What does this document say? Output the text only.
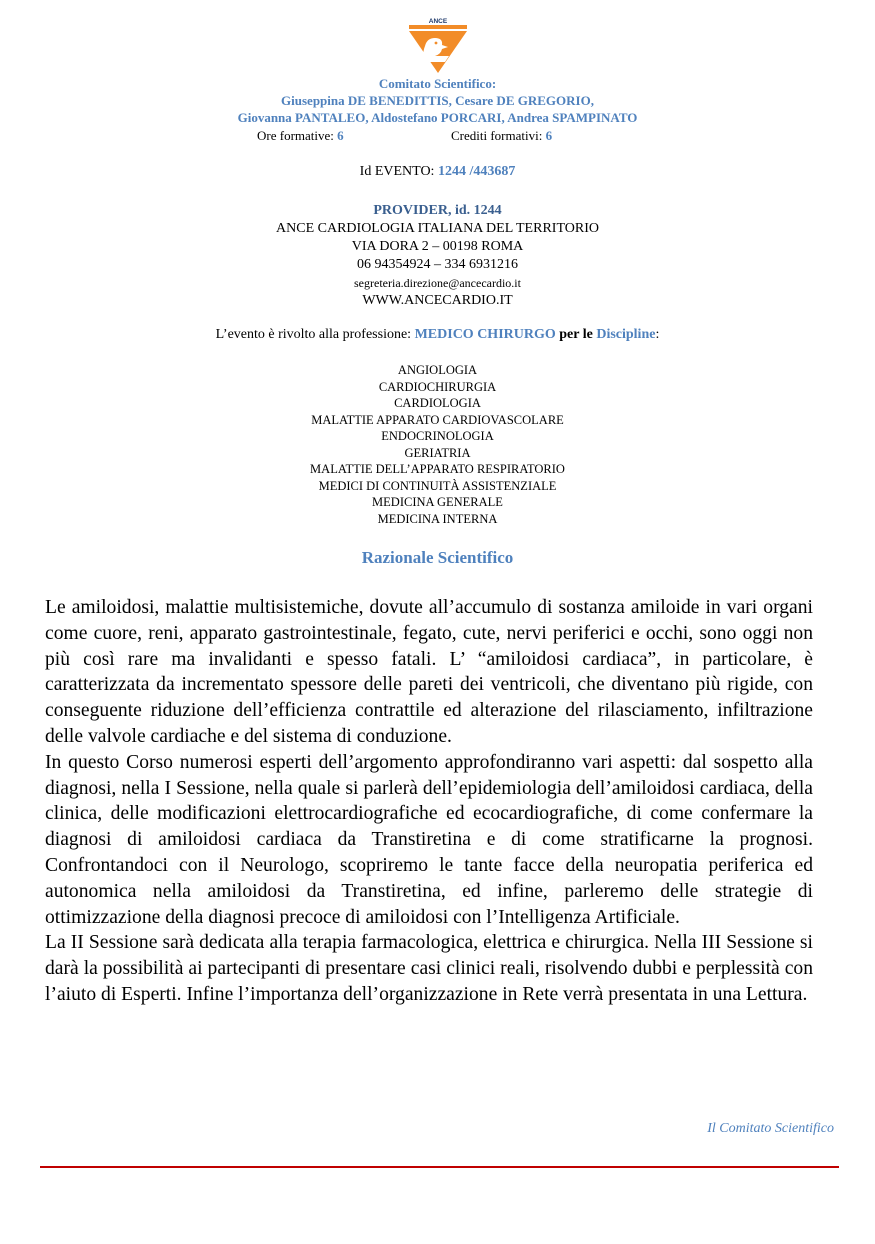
ANCE
Comitato Scientifico:
Giuseppina DE BENEDITTIS, Cesare DE GREGORIO,
Giovanna PANTALEO, Aldostefano PORCARI, Andrea SPAMPINATO
Ore formative: 6	Crediti formativi: 6
Id EVENTO: 1244 /443687
PROVIDER, id. 1244
ANCE CARDIOLOGIA ITALIANA DEL TERRITORIO
VIA DORA 2 – 00198 ROMA
06 94354924 – 334 6931216
segreteria.direzione@ancecardio.it
WWW.ANCECARDIO.IT
L’evento è rivolto alla professione: MEDICO CHIRURGO per le Discipline:
ANGIOLOGIA
CARDIOCHIRURGIA
CARDIOLOGIA
MALATTIE APPARATO CARDIOVASCOLARE
ENDOCRINOLOGIA
GERIATRIA
MALATTIE DELL’APPARATO RESPIRATORIO
MEDICI DI CONTINUITÀ ASSISTENZIALE
MEDICINA GENERALE
MEDICINA INTERNA
Razionale Scientifico

Le amiloidosi, malattie multisistemiche, dovute all’accumulo di sostanza amiloide in vari organi come cuore, reni, apparato gastrointestinale, fegato, cute, nervi periferici e occhi, sono oggi non più così rare ma invalidanti e spesso fatali. L’ “amiloidosi cardiaca”, in particolare, è caratterizzata da incrementato spessore delle pareti dei ventricoli, che diventano più rigide, con conseguente riduzione dell’efficienza contrattile ed alterazione del rilasciamento, infiltrazione delle valvole cardiache e del sistema di conduzione.

In questo Corso numerosi esperti dell’argomento approfondiranno vari aspetti: dal sospetto alla diagnosi, nella I Sessione, nella quale si parlerà dell’epidemiologia dell’amiloidosi cardiaca, della clinica, delle modificazioni elettrocardiografiche ed ecocardiografiche, di come confermare la diagnosi di amiloidosi cardiaca da Transtiretina e di come stratificarne la prognosi. Confrontandoci con il Neurologo, scopriremo le tante facce della neuropatia periferica ed autonomica nella amiloidosi da Transtiretina, ed infine, parleremo delle strategie di ottimizzazione della diagnosi precoce di amiloidosi con l’Intelligenza Artificiale.

La II Sessione sarà dedicata alla terapia farmacologica, elettrica e chirurgica. Nella III Sessione si darà la possibilità ai partecipanti di presentare casi clinici reali, risolvendo dubbi e perplessità con l’aiuto di Esperti. Infine l’importanza dell’organizzazione in Rete verrà presentata in una Lettura.

Il Comitato Scientifico
